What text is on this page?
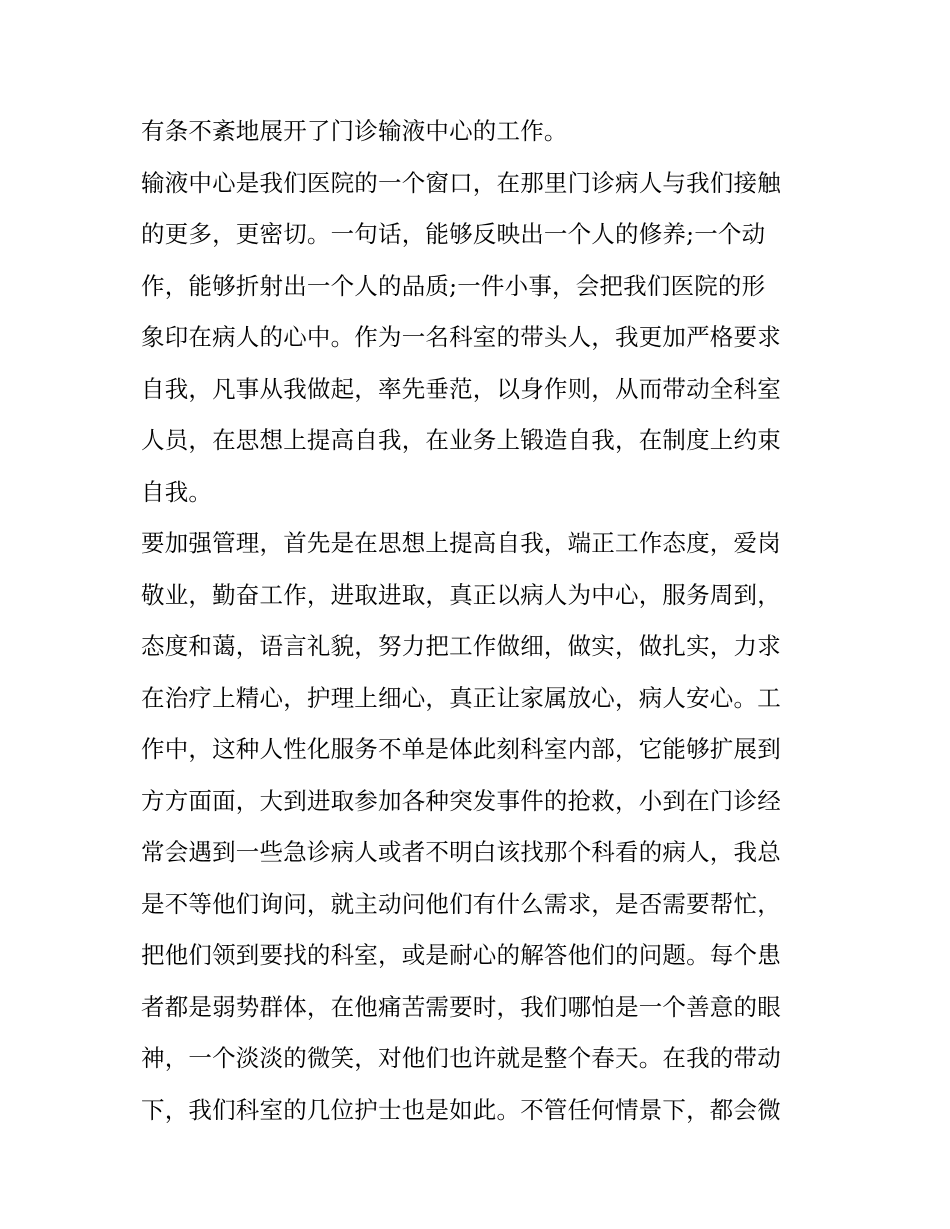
有条不紊地展开了门诊输液中心的工作。
输液中心是我们医院的一个窗口，在那里门诊病人与我们接触
的更多，更密切。一句话，能够反映出一个人的修养;一个动
作，能够折射出一个人的品质;一件小事，会把我们医院的形
象印在病人的心中。作为一名科室的带头人，我更加严格要求
自我，凡事从我做起，率先垂范，以身作则，从而带动全科室
人员，在思想上提高自我，在业务上锻造自我，在制度上约束
自我。
要加强管理，首先是在思想上提高自我，端正工作态度，爱岗
敬业，勤奋工作，进取进取，真正以病人为中心，服务周到，
态度和蔼，语言礼貌，努力把工作做细，做实，做扎实，力求
在治疗上精心，护理上细心，真正让家属放心，病人安心。工
作中，这种人性化服务不单是体此刻科室内部，它能够扩展到
方方面面，大到进取参加各种突发事件的抢救，小到在门诊经
常会遇到一些急诊病人或者不明白该找那个科看的病人，我总
是不等他们询问，就主动问他们有什么需求，是否需要帮忙，
把他们领到要找的科室，或是耐心的解答他们的问题。每个患
者都是弱势群体，在他痛苦需要时，我们哪怕是一个善意的眼
神，一个淡淡的微笑，对他们也许就是整个春天。在我的带动
下，我们科室的几位护士也是如此。不管任何情景下，都会微
